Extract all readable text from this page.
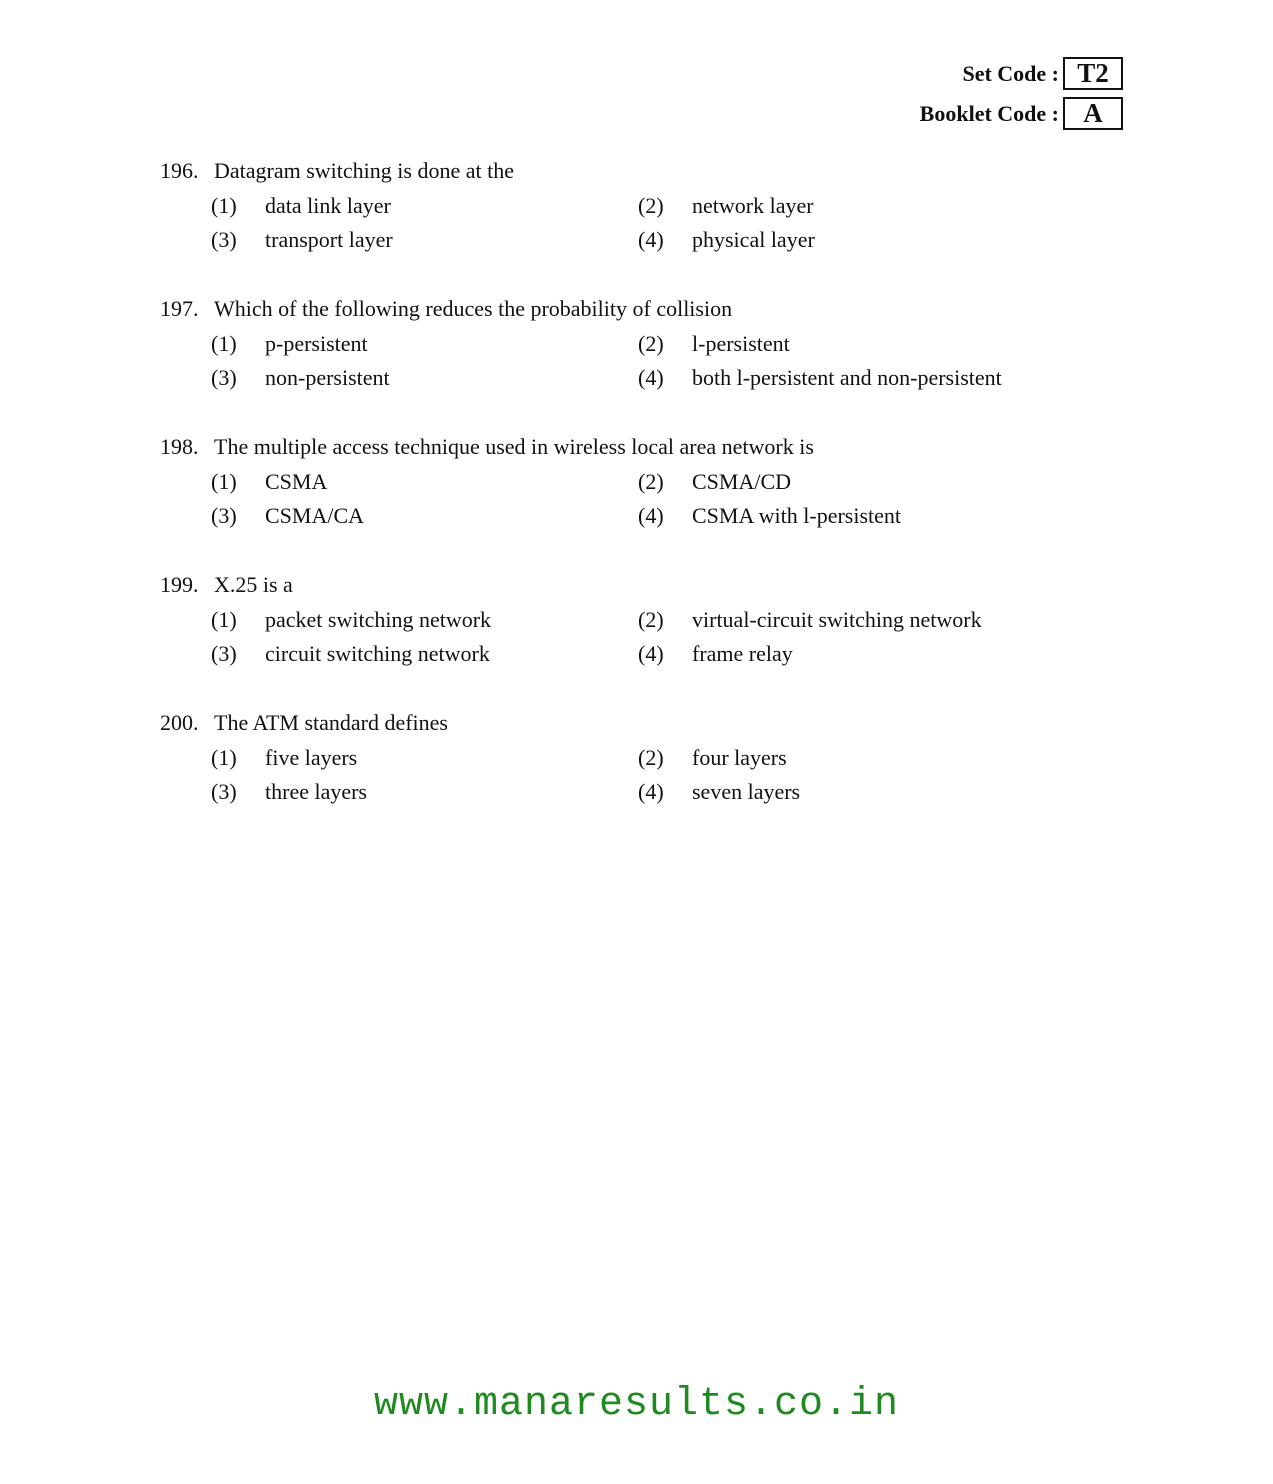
Set Code : T2
Booklet Code : A
196. Datagram switching is done at the
(1) data link layer	(2) network layer
(3) transport layer	(4) physical layer
197. Which of the following reduces the probability of collision
(1) p-persistent	(2) l-persistent
(3) non-persistent	(4) both l-persistent and non-persistent
198. The multiple access technique used in wireless local area network is
(1) CSMA	(2) CSMA/CD
(3) CSMA/CA	(4) CSMA with l-persistent
199. X.25 is a
(1) packet switching network	(2) virtual-circuit switching network
(3) circuit switching network	(4) frame relay
200. The ATM standard defines
(1) five layers	(2) four layers
(3) three layers	(4) seven layers
www.manaresults.co.in
